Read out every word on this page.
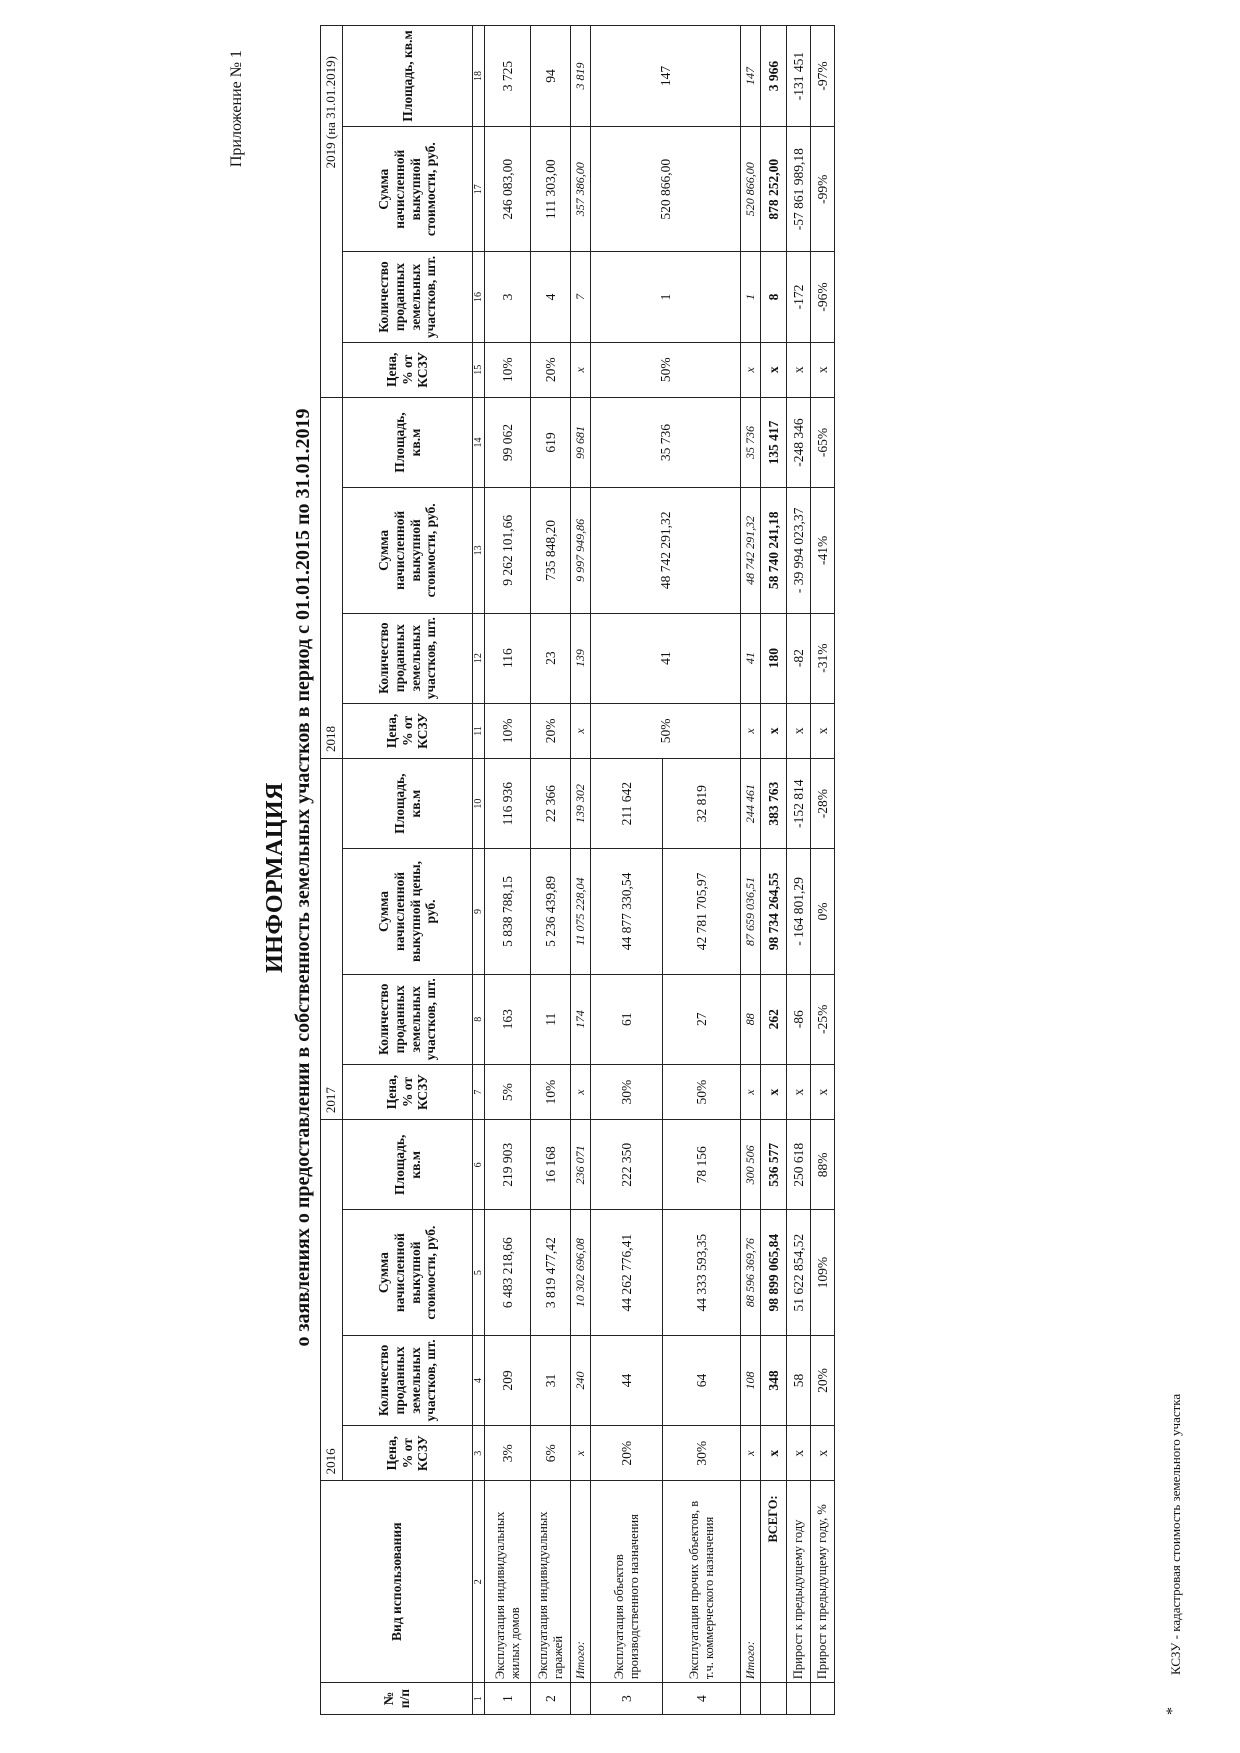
Приложение № 1
ИНФОРМАЦИЯ о заявлениях о предоставлении в собственность земельных участков в период с 01.01.2015 по 31.01.2019
№ п/п	Вид использования	2016				2017				2018				2019 (на 31.01.2019)			
		Цена, % от КСЗУ	Количество проданных земельных участков, шт.	Сумма начисленной выкупной стоимости, руб.	Площадь, кв.м	Цена, % от КСЗУ	Количество проданных земельных участков, шт.	Сумма начисленной выкупной цены, руб.	Площадь, кв.м	Цена, % от КСЗУ	Количество проданных земельных участков, шт.	Сумма начисленной выкупной стоимости, руб.	Площадь, кв.м	Цена, % от КСЗУ	Количество проданных земельных участков, шт.	Сумма начисленной выкупной стоимости, руб.	Площадь, кв.м
1	2	3	4	5	6	7	8	9	10	11	12	13	14	15	16	17	18
1	Эксплуатация индивидуальных жилых домов	3%	209	6 483 218,66	219 903	5%	163	5 838 788,15	116 936	10%	116	9 262 101,66	99 062	10%	3	246 083,00	3 725
2	Эксплуатация индивидуальных гаражей	6%	31	3 819 477,42	16 168	10%	11	5 236 439,89	22 366	20%	23	735 848,20	619	20%	4	111 303,00	94
	Итого:	x	240	10 302 696,08	236 071	x	174	11 075 228,04	139 302	x	139	9 997 949,86	99 681	x	7	357 386,00	3 819
3	Эксплуатация объектов производственного назначения	20%	44	44 262 776,41	222 350	30%	61	44 877 330,54	211 642	50%	41	48 742 291,32	35 736	50%	1	520 866,00	147
4	Эксплуатация прочих объектов, в т.ч. коммерческого назначения	30%	64	44 333 593,35	78 156	50%	27	42 781 705,97	32 819								
	Итого:	x	108	88 596 369,76	300 506	x	88	87 659 036,51	244 461	x	41	48 742 291,32	35 736	x	1	520 866,00	147
	ВСЕГО:	x	348	98 899 065,84	536 577	x	262	98 734 264,55	383 763	x	180	58 740 241,18	135 417	x	8	878 252,00	3 966
	Прирост к предыдущему году	x	58	51 622 854,52	250 618	x	-86	- 164 801,29	-152 814	x	-82	- 39 994 023,37	-248 346	x	-172	-57 861 989,18	-131 451
	Прирост к предыдущему году, %	x	20%	109%	88%	x	-25%	0%	-28%	x	-31%	-41%	-65%	x	-96%	-99%	-97%
*
КСЗУ - кадастровая стоимость земельного участка
